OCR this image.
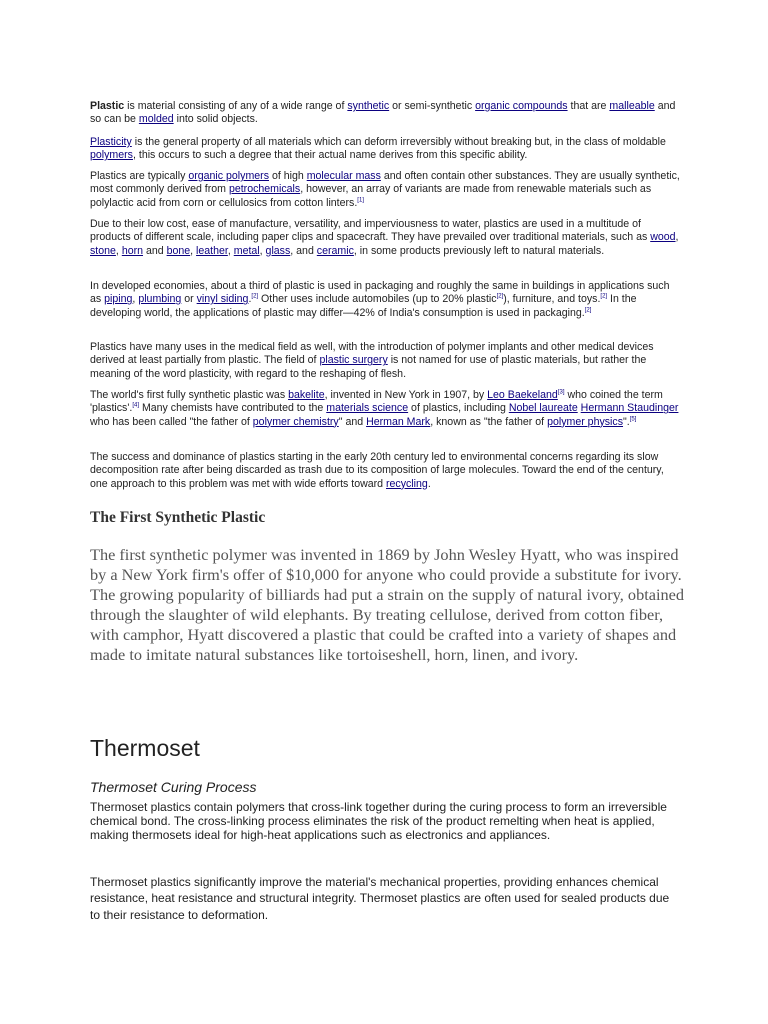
Plastic is material consisting of any of a wide range of synthetic or semi-synthetic organic compounds that are malleable and so can be molded into solid objects.

Plasticity is the general property of all materials which can deform irreversibly without breaking but, in the class of moldable polymers, this occurs to such a degree that their actual name derives from this specific ability.

Plastics are typically organic polymers of high molecular mass and often contain other substances. They are usually synthetic, most commonly derived from petrochemicals, however, an array of variants are made from renewable materials such as polylactic acid from corn or cellulosics from cotton linters.[1]

Due to their low cost, ease of manufacture, versatility, and imperviousness to water, plastics are used in a multitude of products of different scale, including paper clips and spacecraft. They have prevailed over traditional materials, such as wood, stone, horn and bone, leather, metal, glass, and ceramic, in some products previously left to natural materials.

In developed economies, about a third of plastic is used in packaging and roughly the same in buildings in applications such as piping, plumbing or vinyl siding.[2] Other uses include automobiles (up to 20% plastic[2]), furniture, and toys.[2] In the developing world, the applications of plastic may differ—42% of India's consumption is used in packaging.[2]

Plastics have many uses in the medical field as well, with the introduction of polymer implants and other medical devices derived at least partially from plastic. The field of plastic surgery is not named for use of plastic materials, but rather the meaning of the word plasticity, with regard to the reshaping of flesh.

The world's first fully synthetic plastic was bakelite, invented in New York in 1907, by Leo Baekeland[3] who coined the term 'plastics'.[4] Many chemists have contributed to the materials science of plastics, including Nobel laureate Hermann Staudinger who has been called "the father of polymer chemistry" and Herman Mark, known as "the father of polymer physics".[5]

The success and dominance of plastics starting in the early 20th century led to environmental concerns regarding its slow decomposition rate after being discarded as trash due to its composition of large molecules. Toward the end of the century, one approach to this problem was met with wide efforts toward recycling.

The First Synthetic Plastic

The first synthetic polymer was invented in 1869 by John Wesley Hyatt, who was inspired by a New York firm's offer of $10,000 for anyone who could provide a substitute for ivory. The growing popularity of billiards had put a strain on the supply of natural ivory, obtained through the slaughter of wild elephants. By treating cellulose, derived from cotton fiber, with camphor, Hyatt discovered a plastic that could be crafted into a variety of shapes and made to imitate natural substances like tortoiseshell, horn, linen, and ivory.

Thermoset
Thermoset Curing Process

Thermoset plastics contain polymers that cross-link together during the curing process to form an irreversible chemical bond. The cross-linking process eliminates the risk of the product remelting when heat is applied, making thermosets ideal for high-heat applications such as electronics and appliances.

Thermoset plastics significantly improve the material's mechanical properties, providing enhances chemical resistance, heat resistance and structural integrity. Thermoset plastics are often used for sealed products due to their resistance to deformation.
